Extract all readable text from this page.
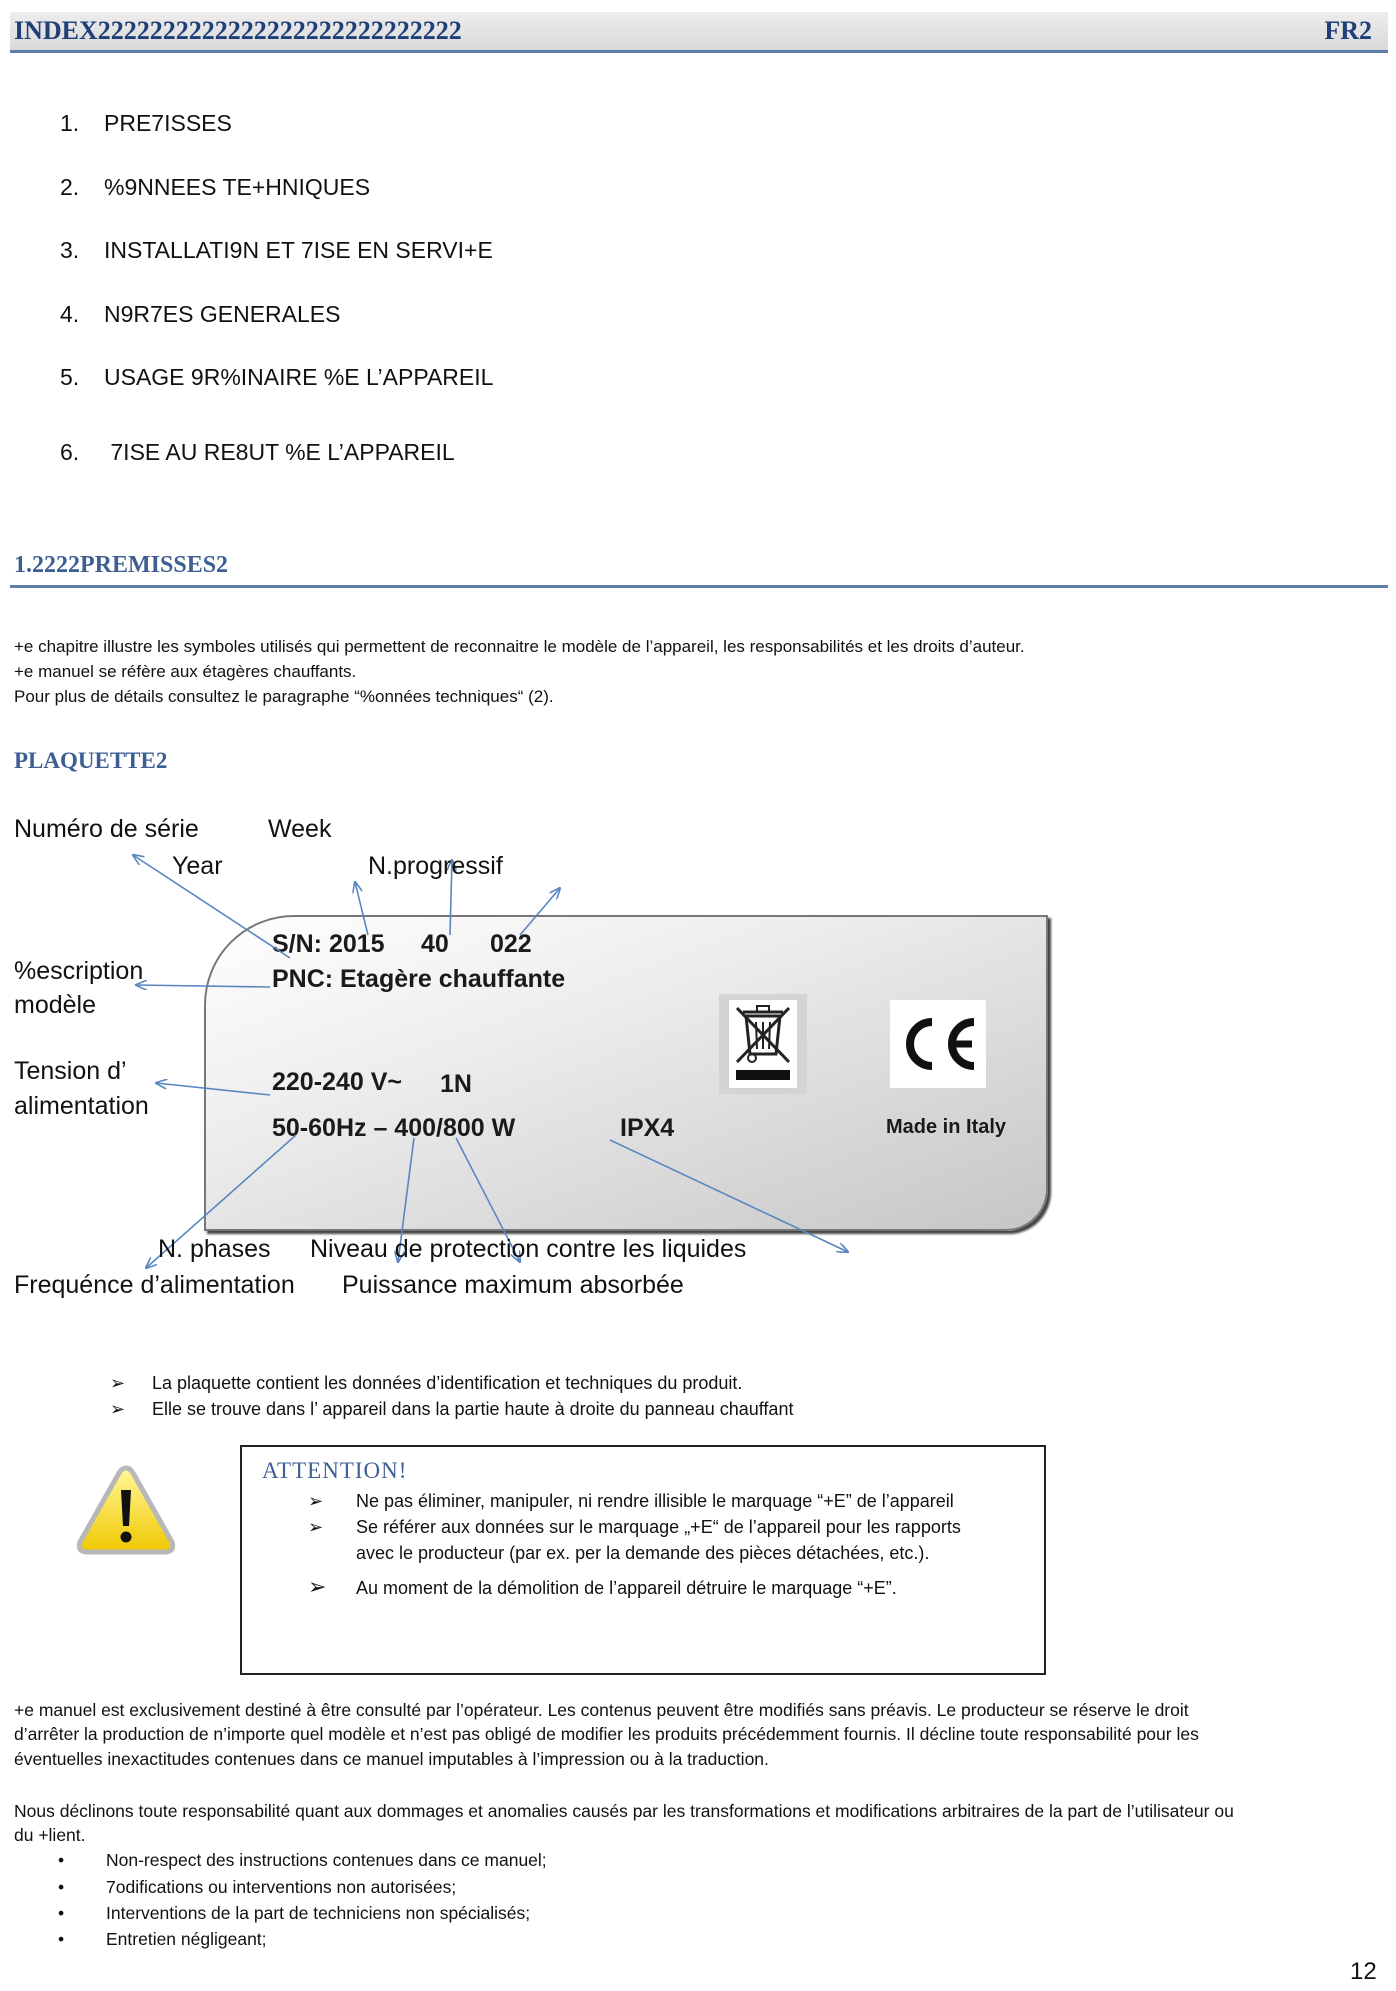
INDEX2222222222222222222222222222	FR2
1. PRE7ISSES
2. %9NNEES TE+HNIQUES
3. INSTALLATI9N ET 7ISE EN SERVI+E
4. N9R7ES GENERALES
5. USAGE 9R%INAIRE %E L’APPAREIL
6. 7ISE AU RE8UT %E L’APPAREIL
1.2222PREMISSES2
+e chapitre illustre les symboles utilisés qui permettent de reconnaitre le modèle de l’appareil, les responsabilités et les droits d’auteur.
+e manuel se réfère aux étagères chauffants.
Pour plus de détails consultez le paragraphe “%onnées techniques“ (2).
PLAQUETTE2
S/N: 2015 40 022
PNC: Etagère chauffante
220-240 V~ 1N
50-60Hz – 400/800 W	IPX4	Made in Italy
Numéro de série	Week
Year	N.progressif
%escription
modèle
Tension d’
alimentation
N. phases Niveau de protection contre les liquides
Frequénce d’alimentation Puissance maximum absorbée
➢ La plaquette contient les données d’identification et techniques du produit.
➢ Elle se trouve dans l’ appareil dans la partie haute à droite du panneau chauffant
ATTENTION!
➢ Ne pas éliminer, manipuler, ni rendre illisible le marquage “+E” de l’appareil
➢ Se référer aux données sur le marquage „+E“ de l’appareil pour les rapports
avec le producteur (par ex. per la demande des pièces détachées, etc.).
➢ Au moment de la démolition de l’appareil détruire le marquage “+E”.
+e manuel est exclusivement destiné à être consulté par l’opérateur. Les contenus peuvent être modifiés sans préavis. Le producteur se réserve le droit
d’arrêter la production de n’importe quel modèle et n’est pas obligé de modifier les produits précédemment fournis. Il décline toute responsabilité pour les
éventuelles inexactitudes contenues dans ce manuel imputables à l’impression ou à la traduction.
Nous déclinons toute responsabilité quant aux dommages et anomalies causés par les transformations et modifications arbitraires de la part de l’utilisateur ou
du +lient.
• Non-respect des instructions contenues dans ce manuel;
• 7odifications ou interventions non autorisées;
• Interventions de la part de techniciens non spécialisés;
• Entretien négligeant;
12
